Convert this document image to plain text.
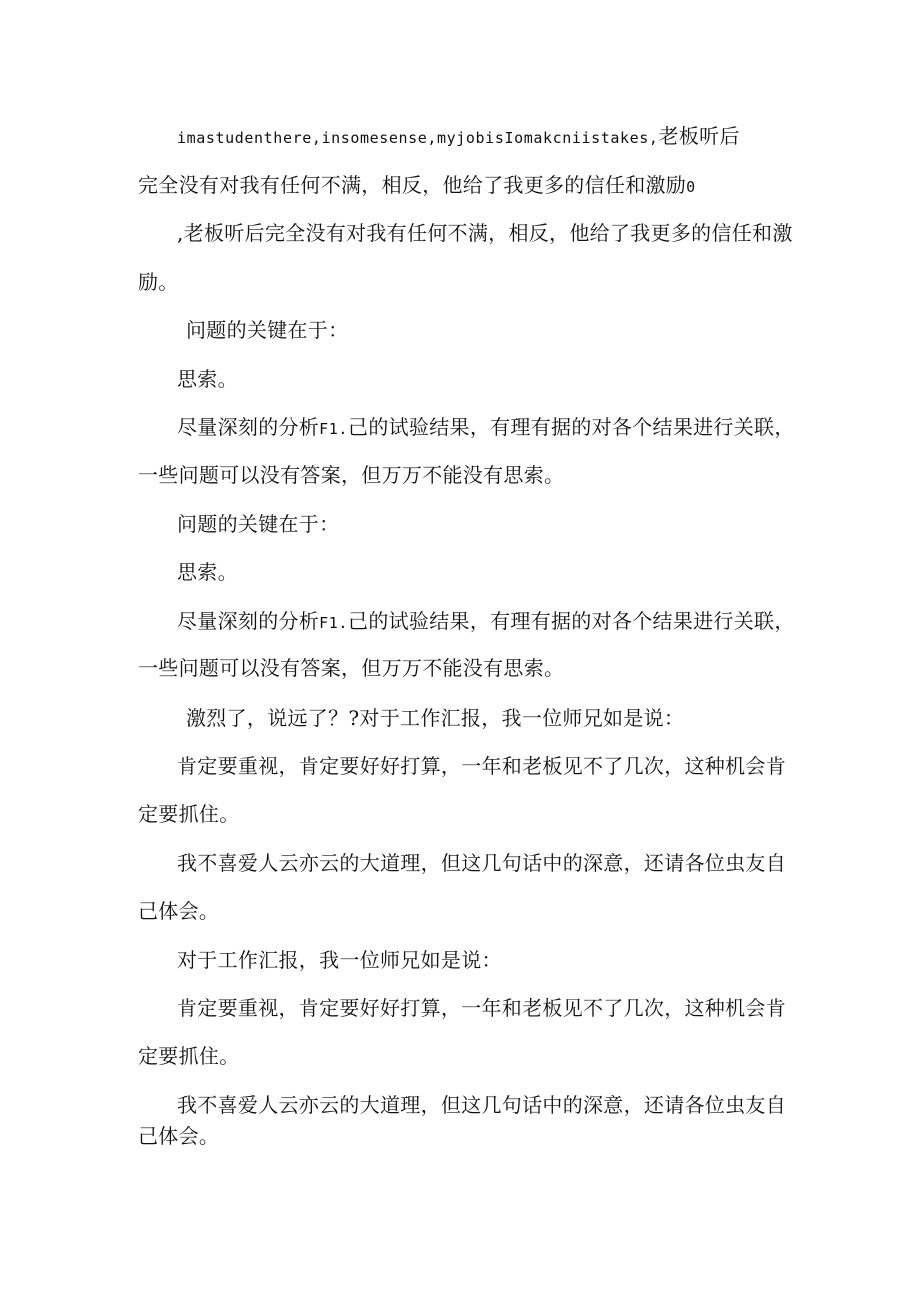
imastudenthere,insomesense,myjobisIomakcniistakes,老板听后
完全没有对我有任何不满，相反，他给了我更多的信任和激励0
,老板听后完全没有对我有任何不满，相反，他给了我更多的信任和激
励。
问题的关键在于：
思索。
尽量深刻的分析F1.己的试验结果，有理有据的对各个结果进行关联，
一些问题可以没有答案，但万万不能没有思索。
问题的关键在于：
思索。
尽量深刻的分析F1.己的试验结果，有理有据的对各个结果进行关联，
一些问题可以没有答案，但万万不能没有思索。
激烈了，说远了？?对于工作汇报，我一位师兄如是说：
肯定要重视，肯定要好好打算，一年和老板见不了几次，这种机会肯
定要抓住。
我不喜爱人云亦云的大道理，但这几句话中的深意，还请各位虫友自
己体会。
对于工作汇报，我一位师兄如是说：
肯定要重视，肯定要好好打算，一年和老板见不了几次，这种机会肯
定要抓住。
我不喜爱人云亦云的大道理，但这几句话中的深意，还请各位虫友自
己体会。
